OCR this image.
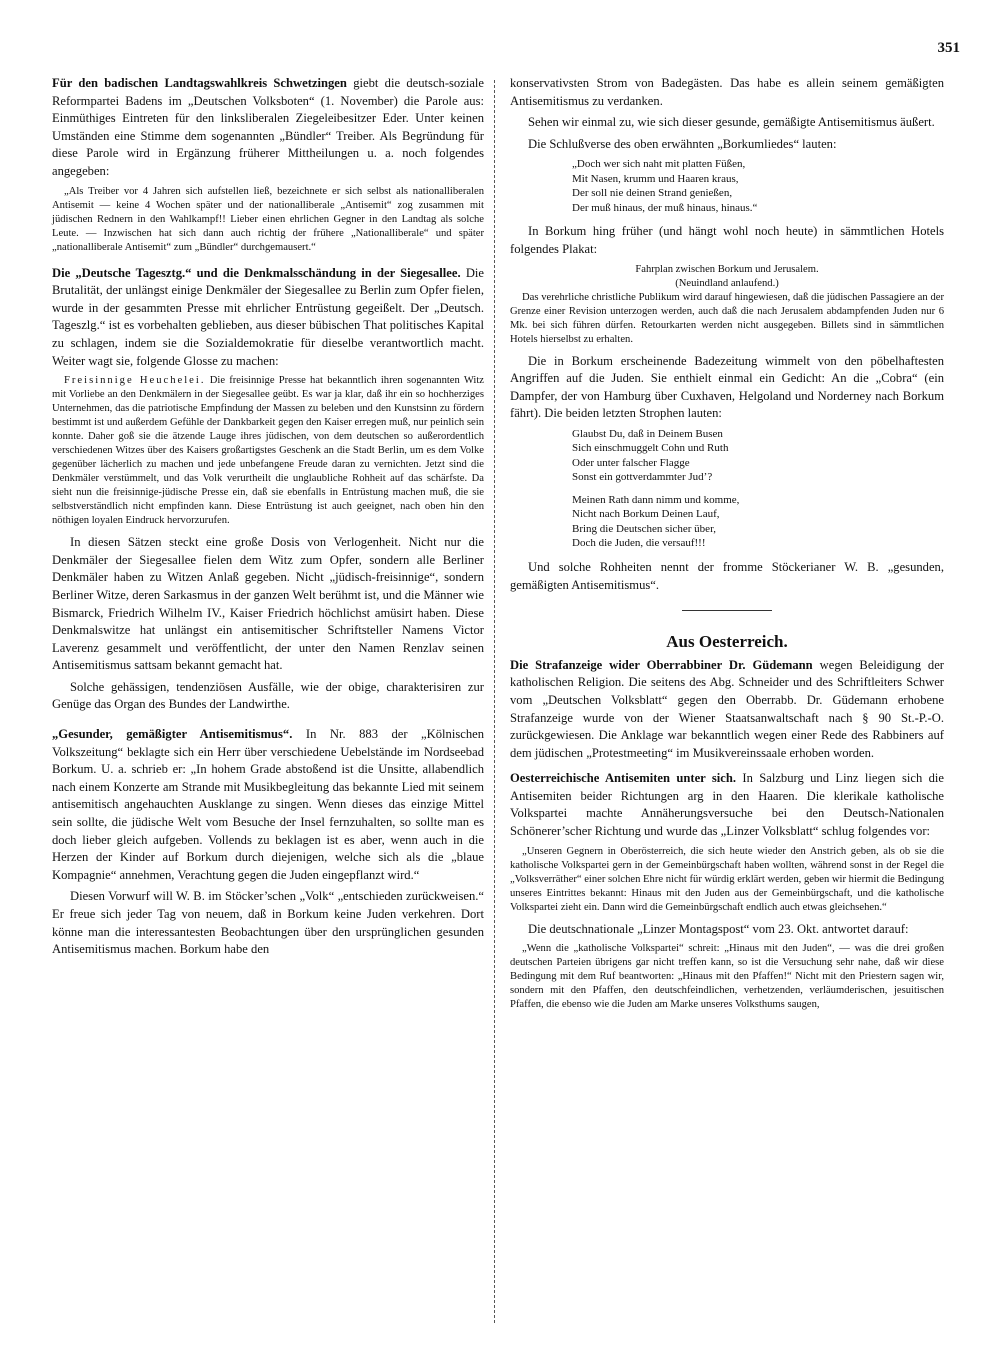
351

Für den badischen Landtagswahlkreis Schwetzingen giebt die deutsch-soziale Reformpartei Badens im „Deutschen Volksboten“ (1. November) die Parole aus: Einmüthiges Eintreten für den linksliberalen Ziegeleibesitzer Eder. Unter keinen Umständen eine Stimme dem sogenannten „Bündler“ Treiber. Als Begründung für diese Parole wird in Ergänzung früherer Mittheilungen u. a. noch folgendes angegeben:

„Als Treiber vor 4 Jahren sich aufstellen ließ, bezeichnete er sich selbst als nationalliberalen Antisemit — keine 4 Wochen später und der nationalliberale „Antisemit“ zog zusammen mit jüdischen Rednern in den Wahlkampf!! Lieber einen ehrlichen Gegner in den Landtag als solche Leute. — Inzwischen hat sich dann auch richtig der frühere „Nationalliberale“ und später „nationalliberale Antisemit“ zum „Bündler“ durchgemausert.“

Die „Deutsche Tagesztg.“ und die Denkmalsschändung in der Siegesallee. Die Brutalität, der unlängst einige Denkmäler der Siegesallee zu Berlin zum Opfer fielen, wurde in der gesammten Presse mit ehrlicher Entrüstung gegeißelt. Der „Deutsch. Tageszlg.“ ist es vorbehalten geblieben, aus dieser bübischen That politisches Kapital zu schlagen, indem sie die Sozialdemokratie für dieselbe verantwortlich macht. Weiter wagt sie, folgende Glosse zu machen:

Freisinnige Heuchelei. Die freisinnige Presse hat bekanntlich ihren sogenannten Witz mit Vorliebe an den Denkmälern in der Siegesallee geübt. Es war ja klar, daß ihr ein so hochherziges Unternehmen, das die patriotische Empfindung der Massen zu beleben und den Kunstsinn zu fördern bestimmt ist und außerdem Gefühle der Dankbarkeit gegen den Kaiser erregen muß, nur peinlich sein konnte. Daher goß sie die ätzende Lauge ihres jüdischen, von dem deutschen so außerordentlich verschiedenen Witzes über des Kaisers großartigstes Geschenk an die Stadt Berlin, um es dem Volke gegenüber lächerlich zu machen und jede unbefangene Freude daran zu vernichten. Jetzt sind die Denkmäler verstümmelt, und das Volk verurtheilt die unglaubliche Rohheit auf das schärfste. Da sieht nun die freisinnige-jüdische Presse ein, daß sie ebenfalls in Entrüstung machen muß, die sie selbstverständlich nicht empfinden kann. Diese Entrüstung ist auch geeignet, nach oben hin den nöthigen loyalen Eindruck hervorzurufen.

In diesen Sätzen steckt eine große Dosis von Verlogenheit. Nicht nur die Denkmäler der Siegesallee fielen dem Witz zum Opfer, sondern alle Berliner Denkmäler haben zu Witzen Anlaß gegeben. Nicht „jüdisch-freisinnige“, sondern Berliner Witze, deren Sarkasmus in der ganzen Welt berühmt ist, und die Männer wie Bismarck, Friedrich Wilhelm IV., Kaiser Friedrich höchlichst amüsirt haben. Diese Denkmalswitze hat unlängst ein antisemitischer Schriftsteller Namens Victor Laverenz gesammelt und veröffentlicht, der unter den Namen Renzlav seinen Antisemitismus sattsam bekannt gemacht hat.

Solche gehässigen, tendenziösen Ausfälle, wie der obige, charakterisiren zur Genüge das Organ des Bundes der Landwirthe.

„Gesunder, gemäßigter Antisemitismus“. In Nr. 883 der „Kölnischen Volkszeitung“ beklagte sich ein Herr über verschiedene Uebelstände im Nordseebad Borkum. U. a. schrieb er: „In hohem Grade abstoßend ist die Unsitte, allabendlich nach einem Konzerte am Strande mit Musikbegleitung das bekannte Lied mit seinem antisemitisch angehauchten Ausklange zu singen. Wenn dieses das einzige Mittel sein sollte, die jüdische Welt vom Besuche der Insel fernzuhalten, so sollte man es doch lieber gleich aufgeben. Vollends zu beklagen ist es aber, wenn auch in die Herzen der Kinder auf Borkum durch diejenigen, welche sich als die „blaue Kompagnie“ annehmen, Verachtung gegen die Juden eingepflanzt wird.“

Diesen Vorwurf will W. B. im Stöcker’schen „Volk“ „entschieden zurückweisen.“ Er freue sich jeder Tag von neuem, daß in Borkum keine Juden verkehren. Dort könne man die interessantesten Beobachtungen über den ursprünglichen gesunden Antisemitismus machen. Borkum habe den

konservativsten Strom von Badegästen. Das habe es allein seinem gemäßigten Antisemitismus zu verdanken.

Sehen wir einmal zu, wie sich dieser gesunde, gemäßigte Antisemitismus äußert.

Die Schlußverse des oben erwähnten „Borkumliedes“ lauten:

„Doch wer sich naht mit platten Füßen,
Mit Nasen, krumm und Haaren kraus,
Der soll nie deinen Strand genießen,
Der muß hinaus, der muß hinaus, hinaus.“

In Borkum hing früher (und hängt wohl noch heute) in sämmtlichen Hotels folgendes Plakat:

Fahrplan zwischen Borkum und Jerusalem.
(Neuindland anlaufend.)

Das verehrliche christliche Publikum wird darauf hingewiesen, daß die jüdischen Passagiere an der Grenze einer Revision unterzogen werden, auch daß die nach Jerusalem abdampfenden Juden nur 6 Mk. bei sich führen dürfen. Retourkarten werden nicht ausgegeben. Billets sind in sämmtlichen Hotels hierselbst zu erhalten.

Die in Borkum erscheinende Badezeitung wimmelt von den pöbelhaftesten Angriffen auf die Juden. Sie enthielt einmal ein Gedicht: An die „Cobra“ (ein Dampfer, der von Hamburg über Cuxhaven, Helgoland und Norderney nach Borkum fährt). Die beiden letzten Strophen lauten:

Glaubst Du, daß in Deinem Busen
Sich einschmuggelt Cohn und Ruth
Oder unter falscher Flagge
Sonst ein gottverdammter Jud’?
Meinen Rath dann nimm und komme,
Nicht nach Borkum Deinen Lauf,
Bring die Deutschen sicher über,
Doch die Juden, die versauf!!!

Und solche Rohheiten nennt der fromme Stöckerianer W. B. „gesunden, gemäßigten Antisemitismus“.

Aus Oesterreich.

Die Strafanzeige wider Oberrabbiner Dr. Güdemann wegen Beleidigung der katholischen Religion. Die seitens des Abg. Schneider und des Schriftleiters Schwer vom „Deutschen Volksblatt“ gegen den Oberrabb. Dr. Güdemann erhobene Strafanzeige wurde von der Wiener Staatsanwaltschaft nach § 90 St.-P.-O. zurückgewiesen. Die Anklage war bekanntlich wegen einer Rede des Rabbiners auf dem jüdischen „Protestmeeting“ im Musikvereinssaale erhoben worden.

Oesterreichische Antisemiten unter sich. In Salzburg und Linz liegen sich die Antisemiten beider Richtungen arg in den Haaren. Die klerikale katholische Volkspartei machte Annäherungsversuche bei den Deutsch-Nationalen Schönerer’scher Richtung und wurde das „Linzer Volksblatt“ schlug folgendes vor:

„Unseren Gegnern in Oberösterreich, die sich heute wieder den Anstrich geben, als ob sie die katholische Volkspartei gern in der Gemeinbürgschaft haben wollten, während sonst in der Regel die „Volksverräther“ einer solchen Ehre nicht für würdig erklärt werden, geben wir hiermit die Bedingung unseres Eintrittes bekannt: Hinaus mit den Juden aus der Gemeinbürgschaft, und die katholische Volkspartei zieht ein. Dann wird die Gemeinbürgschaft endlich auch etwas gleichsehen.“

Die deutschnationale „Linzer Montagspost“ vom 23. Okt. antwortet darauf:

„Wenn die „katholische Volkspartei“ schreit: „Hinaus mit den Juden“, — was die drei großen deutschen Parteien übrigens gar nicht treffen kann, so ist die Versuchung sehr nahe, daß wir diese Bedingung mit dem Ruf beantworten: „Hinaus mit den Pfaffen!“ Nicht mit den Priestern sagen wir, sondern mit den Pfaffen, den deutschfeindlichen, verhetzenden, verläumderischen, jesuitischen Pfaffen, die ebenso wie die Juden am Marke unseres Volksthums saugen,
